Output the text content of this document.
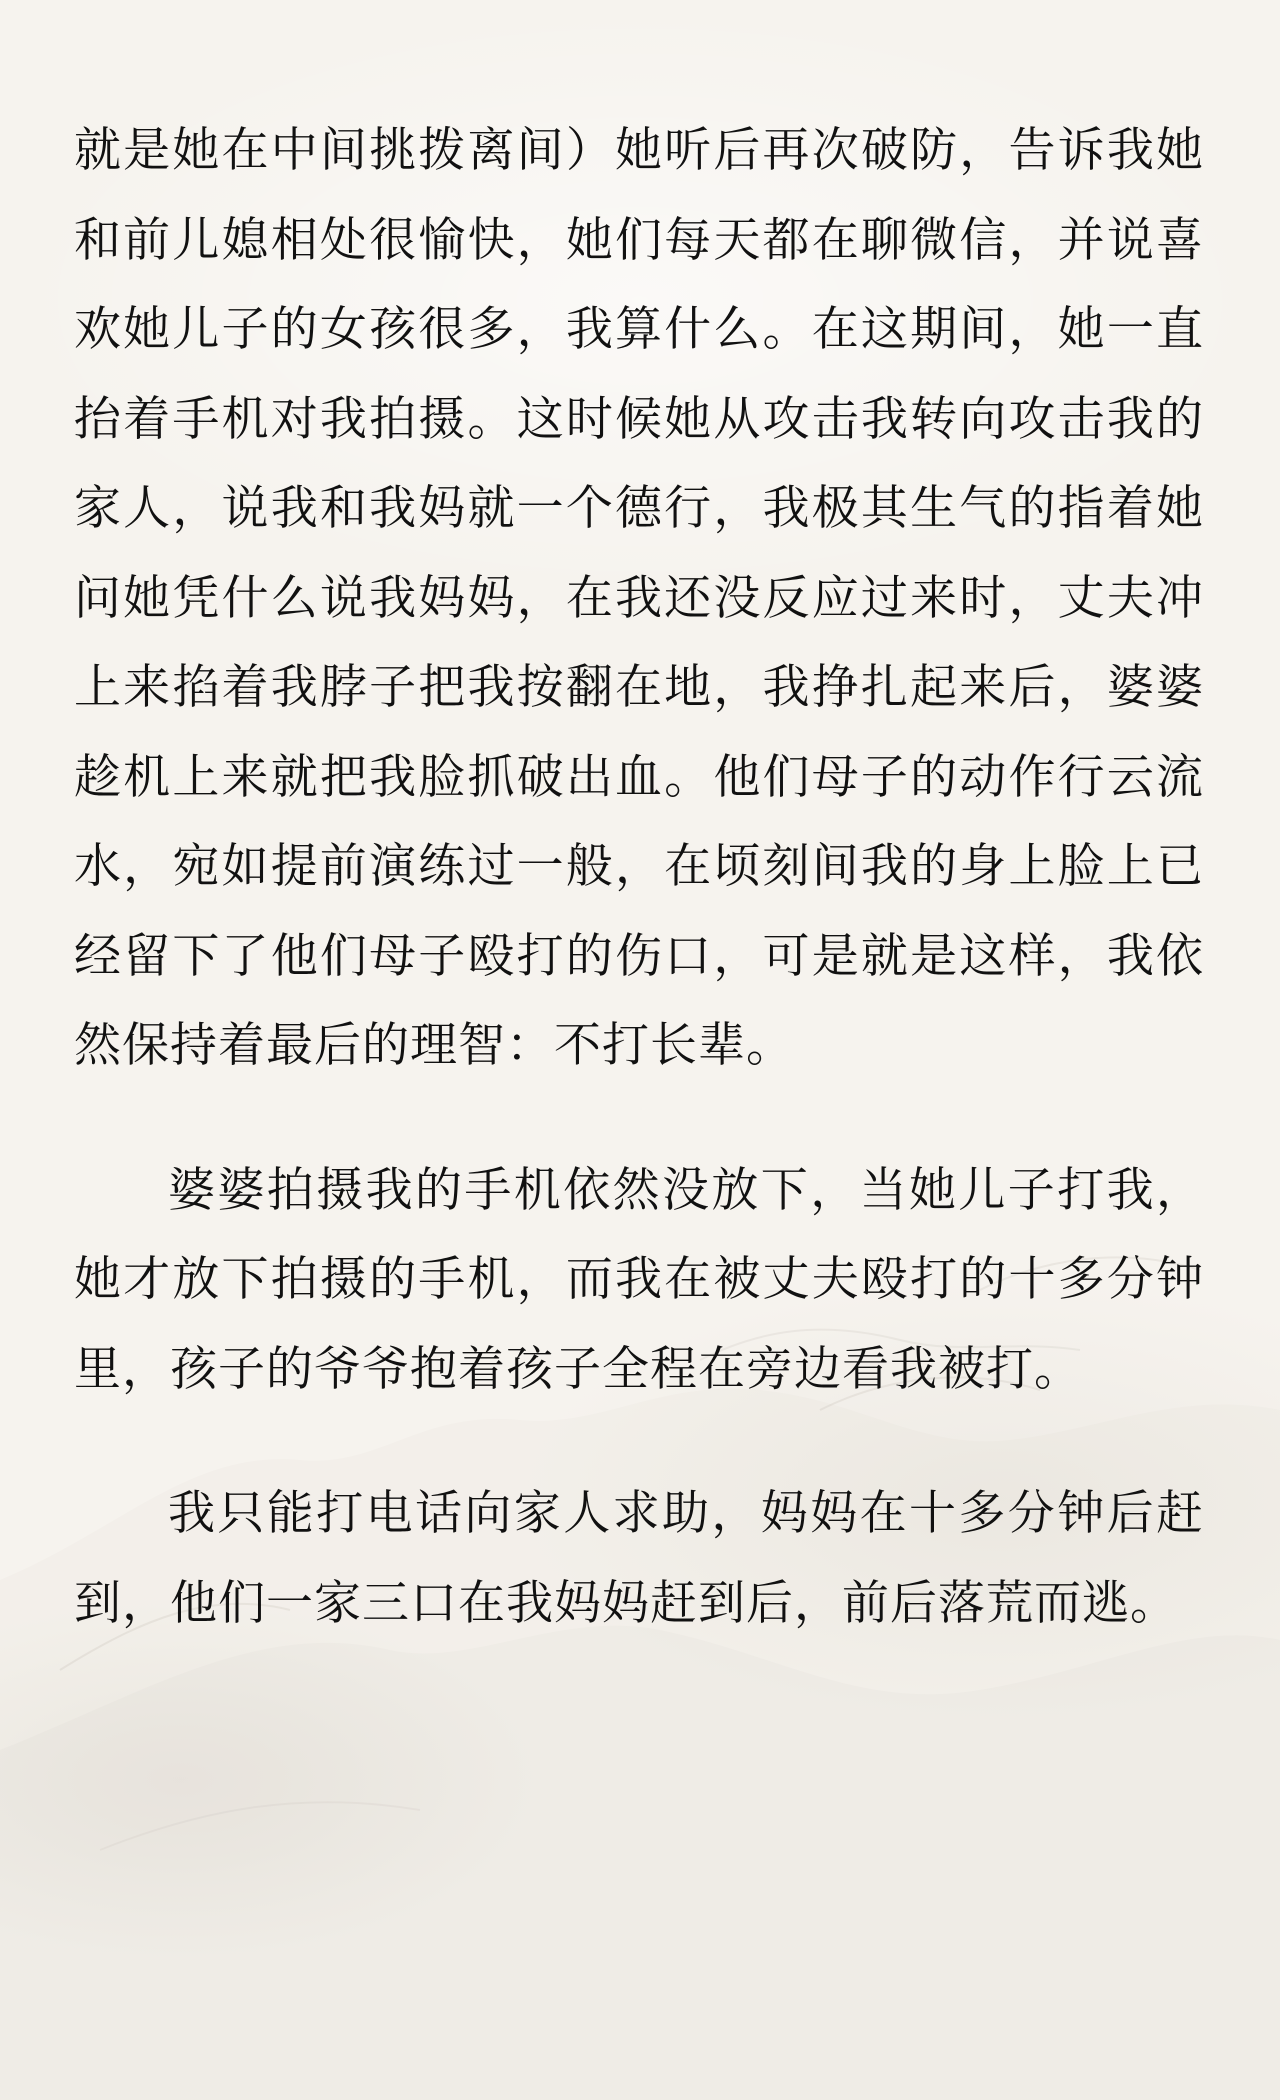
就是她在中间挑拨离间）她听后再次破防，告诉我她和前儿媳相处很愉快，她们每天都在聊微信，并说喜欢她儿子的女孩很多，我算什么。在这期间，她一直抬着手机对我拍摄。这时候她从攻击我转向攻击我的家人，说我和我妈就一个德行，我极其生气的指着她问她凭什么说我妈妈，在我还没反应过来时，丈夫冲上来掐着我脖子把我按翻在地，我挣扎起来后，婆婆趁机上来就把我脸抓破出血。他们母子的动作行云流水，宛如提前演练过一般，在顷刻间我的身上脸上已经留下了他们母子殴打的伤口，可是就是这样，我依然保持着最后的理智：不打长辈。

婆婆拍摄我的手机依然没放下，当她儿子打我，她才放下拍摄的手机，而我在被丈夫殴打的十多分钟里，孩子的爷爷抱着孩子全程在旁边看我被打。

我只能打电话向家人求助，妈妈在十多分钟后赶到，他们一家三口在我妈妈赶到后，前后落荒而逃。
